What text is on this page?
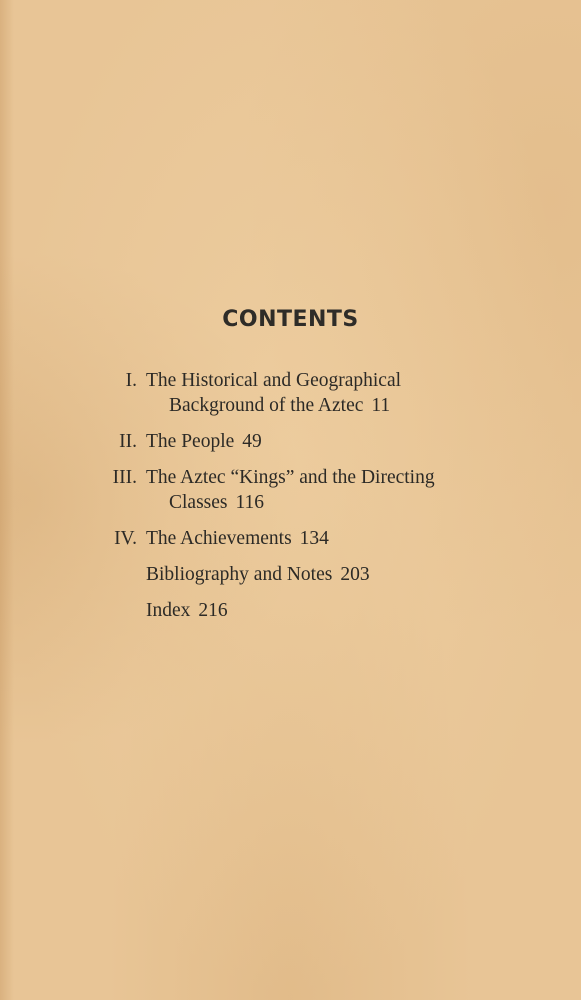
CONTENTS
I. The Historical and Geographical
Background of the Aztec 11
II. The People 49
III. The Aztec “Kings” and the Directing
Classes 116
IV. The Achievements 134
Bibliography and Notes 203
Index 216
